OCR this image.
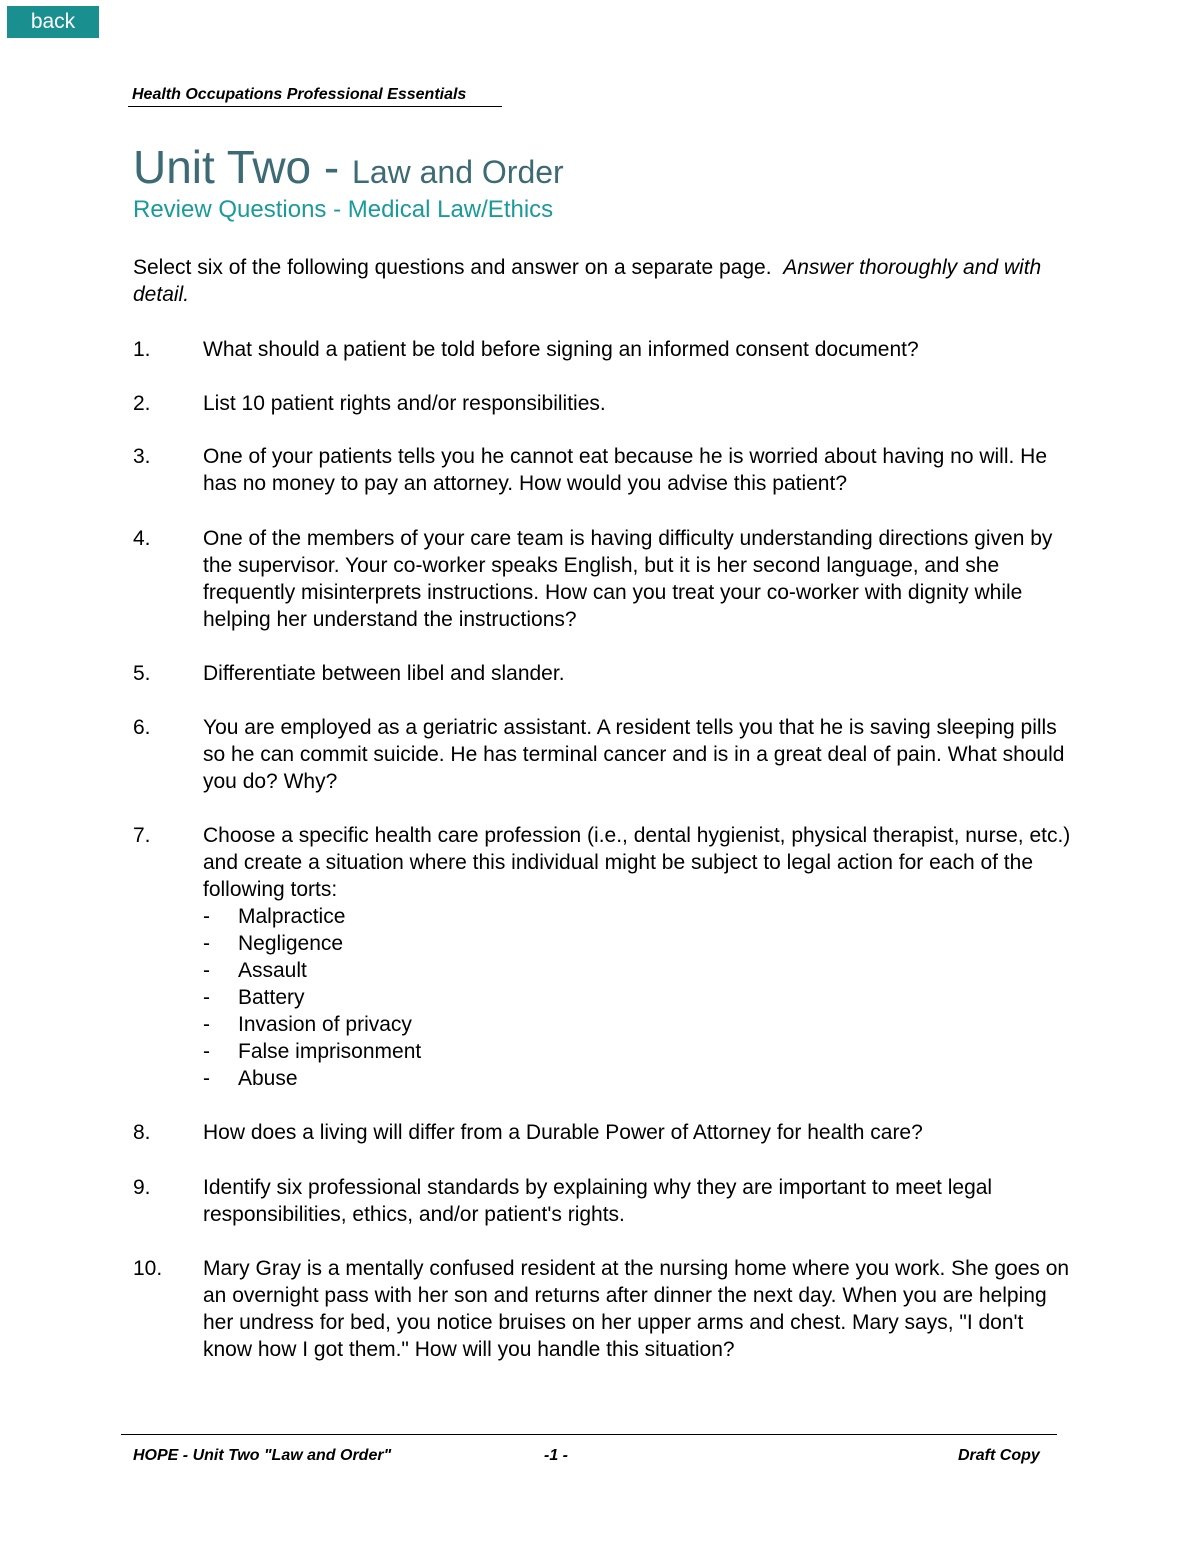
back
Health Occupations Professional Essentials
Unit Two - Law and Order
Review Questions - Medical Law/Ethics

Select six of the following questions and answer on a separate page. Answer thoroughly and with detail.

1. What should a patient be told before signing an informed consent document?
2. List 10 patient rights and/or responsibilities.
3. One of your patients tells you he cannot eat because he is worried about having no will. He has no money to pay an attorney. How would you advise this patient?
4. One of the members of your care team is having difficulty understanding directions given by the supervisor. Your co-worker speaks English, but it is her second language, and she frequently misinterprets instructions. How can you treat your co-worker with dignity while helping her understand the instructions?
5. Differentiate between libel and slander.
6. You are employed as a geriatric assistant. A resident tells you that he is saving sleeping pills so he can commit suicide. He has terminal cancer and is in a great deal of pain. What should you do? Why?
7. Choose a specific health care profession (i.e., dental hygienist, physical therapist, nurse, etc.) and create a situation where this individual might be subject to legal action for each of the following torts:
- Malpractice
- Negligence
- Assault
- Battery
- Invasion of privacy
- False imprisonment
- Abuse
8. How does a living will differ from a Durable Power of Attorney for health care?
9. Identify six professional standards by explaining why they are important to meet legal responsibilities, ethics, and/or patient's rights.
10. Mary Gray is a mentally confused resident at the nursing home where you work. She goes on an overnight pass with her son and returns after dinner the next day. When you are helping her undress for bed, you notice bruises on her upper arms and chest. Mary says, "I don't know how I got them." How will you handle this situation?
HOPE - Unit Two "Law and Order"	-1 -	Draft Copy
